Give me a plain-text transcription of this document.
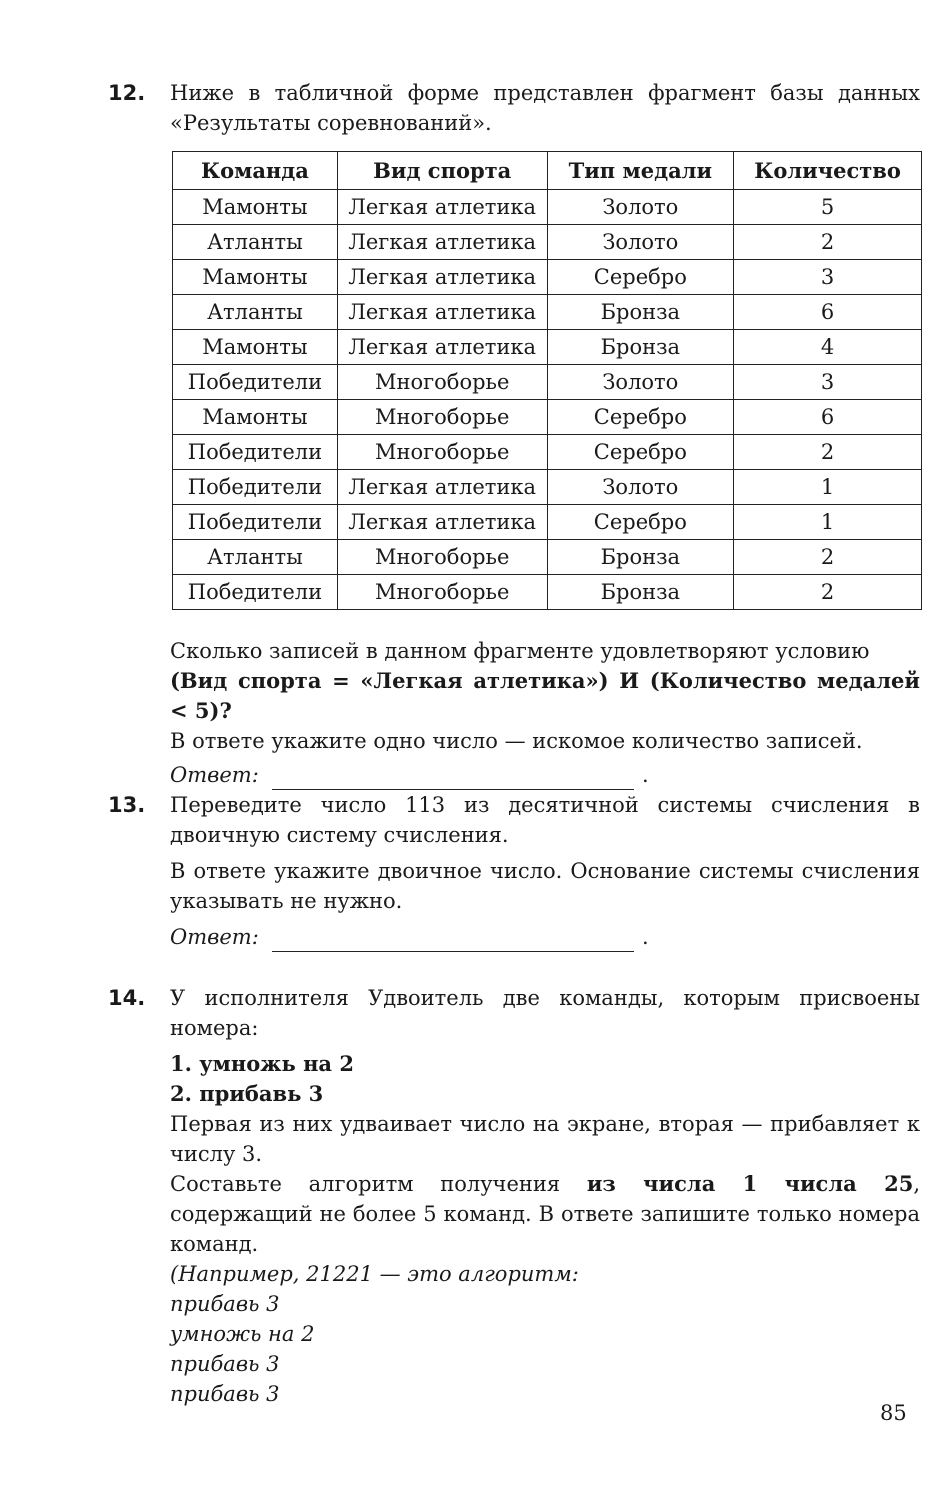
12. Ниже в табличной форме представлен фрагмент базы данных «Результаты соревнований».

Команда	Вид спорта	Тип медали	Количество
Мамонты	Легкая атлетика	Золото	5
Атланты	Легкая атлетика	Золото	2
Мамонты	Легкая атлетика	Серебро	3
Атланты	Легкая атлетика	Бронза	6
Мамонты	Легкая атлетика	Бронза	4
Победители	Многоборье	Золото	3
Мамонты	Многоборье	Серебро	6
Победители	Многоборье	Серебро	2
Победители	Легкая атлетика	Золото	1
Победители	Легкая атлетика	Серебро	1
Атланты	Многоборье	Бронза	2
Победители	Многоборье	Бронза	2

Сколько записей в данном фрагменте удовлетворяют условию

(Вид спорта = «Легкая атлетика») И (Количество медалей < 5)?

В ответе укажите одно число — искомое количество записей.

Ответ:	.
13. Переведите число 113 из десятичной системы счисления в двоичную систему счисления.

В ответе укажите двоичное число. Основание системы счисления указывать не нужно.

Ответ:	.
14. У исполнителя Удвоитель две команды, которым присвоены номера:

1. умножь на 2

2. прибавь 3

Первая из них удваивает число на экране, вторая — прибавляет к числу 3.

Составьте алгоритм получения из числа 1 числа 25, содержащий не более 5 команд. В ответе запишите только номера команд.

(Например, 21221 — это алгоритм:
прибавь 3
умножь на 2
прибавь 3
прибавь 3
85
